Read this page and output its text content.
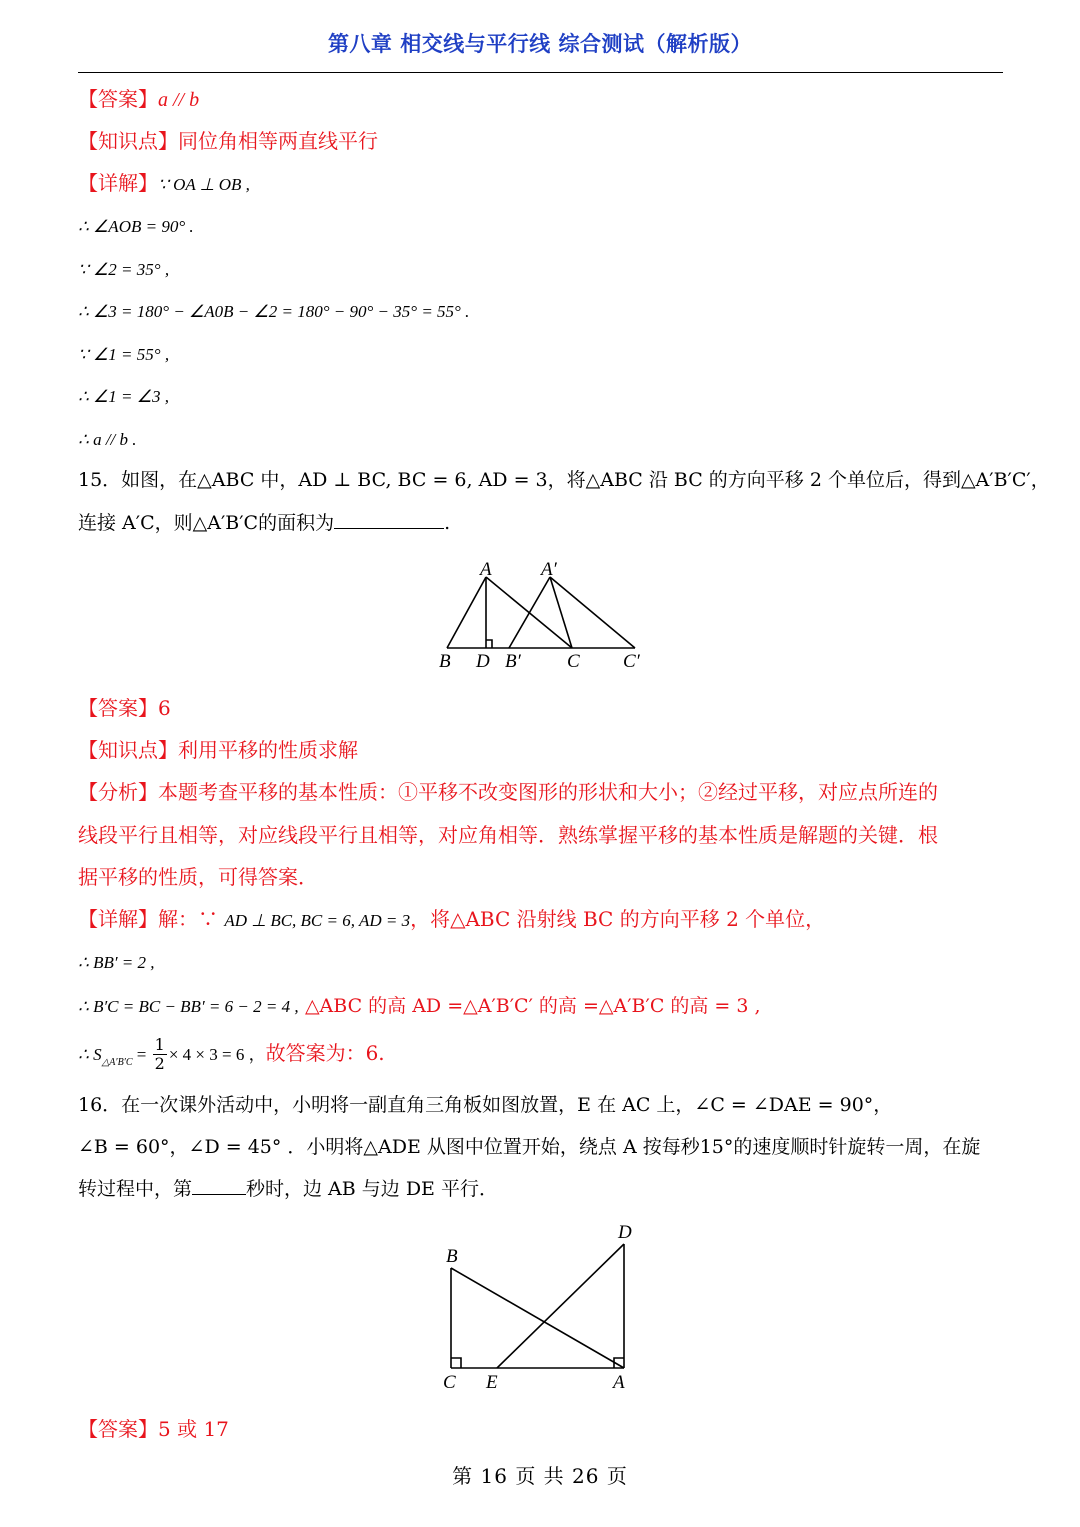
第八章 相交线与平行线 综合测试（解析版）
【答案】a // b
【知识点】同位角相等两直线平行
【详解】∵ OA ⊥ OB ,
∴ ∠AOB = 90° .
∵ ∠2 = 35° ,
∴ ∠3 = 180° − ∠A0B − ∠2 = 180° − 90° − 35° = 55° .
∵ ∠1 = 55° ,
∴ ∠1 = ∠3 ,
∴ a // b .
15．如图，在△ABC 中，AD ⊥ BC, BC = 6, AD = 3，将△ABC 沿 BC 的方向平移 2 个单位后，得到△A′B′C′，
连接 A′C，则△A′B′C的面积为	.
A	A′
B D B′ C C′
【答案】6
【知识点】利用平移的性质求解
【分析】本题考查平移的基本性质：①平移不改变图形的形状和大小；②经过平移，对应点所连的
线段平行且相等，对应线段平行且相等，对应角相等．熟练掌握平移的基本性质是解题的关键．根
据平移的性质，可得答案．
【详解】解：∵ AD ⊥ BC, BC = 6, AD = 3，将△ABC 沿射线 BC 的方向平移 2 个单位，
∴ BB′ = 2 ,
∴ B′C = BC − BB′ = 6 − 2 = 4 , △ABC 的高 AD =△A′B′C′ 的高 =△A′B′C 的高 = 3 ,
∴ $S_{\triangle A'B'C} = \frac{1}{2} \times 4 \times 3 = 6$ ，故答案为：6.
16．在一次课外活动中，小明将一副直角三角板如图放置，E 在 AC 上，∠C = ∠DAE = 90°，
∠B = 60°，∠D = 45° ．小明将△ADE 从图中位置开始，绕点 A 按每秒15°的速度顺时针旋转一周，在旋
转过程中，第	秒时，边 AB 与边 DE 平行．
B
D
C E	A
【答案】5 或 17
第 16 页 共 26 页
